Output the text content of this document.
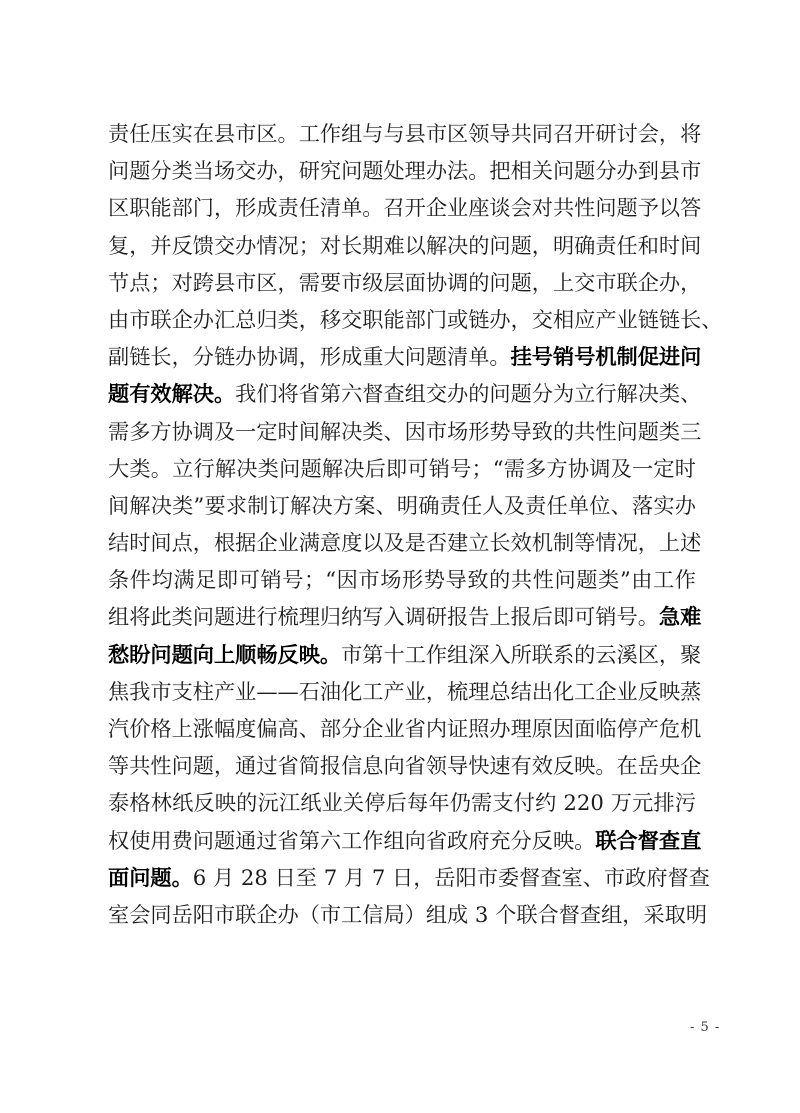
责任压实在县市区。工作组与与县市区领导共同召开研讨会，将
问题分类当场交办，研究问题处理办法。把相关问题分办到县市
区职能部门，形成责任清单。召开企业座谈会对共性问题予以答
复，并反馈交办情况；对长期难以解决的问题，明确责任和时间
节点；对跨县市区，需要市级层面协调的问题，上交市联企办，
由市联企办汇总归类，移交职能部门或链办，交相应产业链链长、
副链长，分链办协调，形成重大问题清单。挂号销号机制促进问
题有效解决。我们将省第六督查组交办的问题分为立行解决类、
需多方协调及一定时间解决类、因市场形势导致的共性问题类三
大类。立行解决类问题解决后即可销号；“需多方协调及一定时
间解决类”要求制订解决方案、明确责任人及责任单位、落实办
结时间点，根据企业满意度以及是否建立长效机制等情况，上述
条件均满足即可销号；“因市场形势导致的共性问题类”由工作
组将此类问题进行梳理归纳写入调研报告上报后即可销号。急难
愁盼问题向上顺畅反映。市第十工作组深入所联系的云溪区，聚
焦我市支柱产业——石油化工产业，梳理总结出化工企业反映蒸
汽价格上涨幅度偏高、部分企业省内证照办理原因面临停产危机
等共性问题，通过省简报信息向省领导快速有效反映。在岳央企
泰格林纸反映的沅江纸业关停后每年仍需支付约 220 万元排污
权使用费问题通过省第六工作组向省政府充分反映。联合督查直
面问题。6 月 28 日至 7 月 7 日，岳阳市委督查室、市政府督查
室会同岳阳市联企办（市工信局）组成 3 个联合督查组，采取明
- 5 -
